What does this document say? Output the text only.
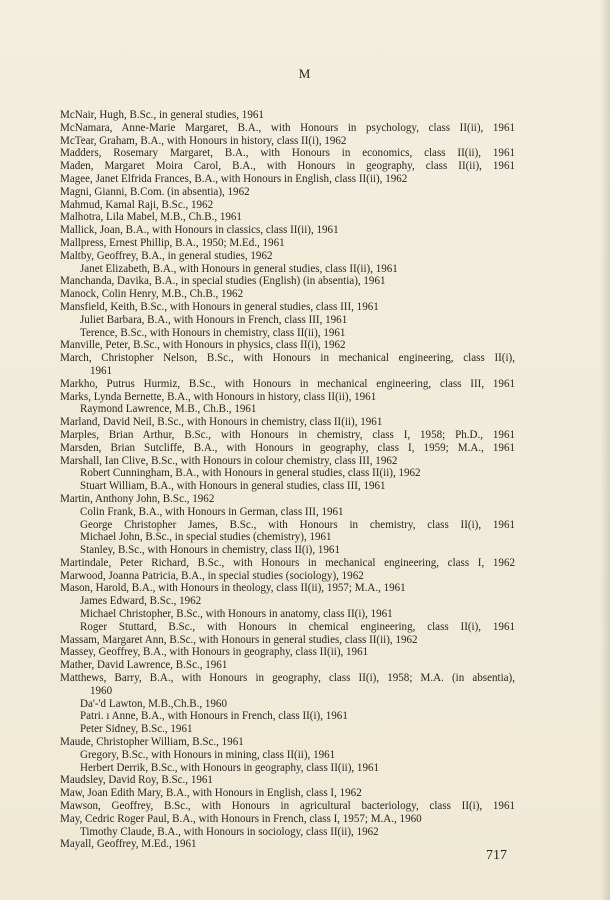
M
McNair, Hugh, B.Sc., in general studies, 1961
McNamara, Anne-Marie Margaret, B.A., with Honours in psychology, class II(ii), 1961
McTear, Graham, B.A., with Honours in history, class II(i), 1962
Madders, Rosemary Margaret, B.A., with Honours in economics, class II(ii), 1961
Maden, Margaret Moira Carol, B.A., with Honours in geography, class II(ii), 1961
Magee, Janet Elfrida Frances, B.A., with Honours in English, class II(ii), 1962
Magni, Gianni, B.Com. (in absentia), 1962
Mahmud, Kamal Raji, B.Sc., 1962
Malhotra, Lila Mabel, M.B., Ch.B., 1961
Mallick, Joan, B.A., with Honours in classics, class II(ii), 1961
Mallpress, Ernest Phillip, B.A., 1950; M.Ed., 1961
Maltby, Geoffrey, B.A., in general studies, 1962
Janet Elizabeth, B.A., with Honours in general studies, class II(ii), 1961
Manchanda, Davika, B.A., in special studies (English) (in absentia), 1961
Manock, Colin Henry, M.B., Ch.B., 1962
Mansfield, Keith, B.Sc., with Honours in general studies, class III, 1961
Juliet Barbara, B.A., with Honours in French, class III, 1961
Terence, B.Sc., with Honours in chemistry, class II(ii), 1961
Manville, Peter, B.Sc., with Honours in physics, class II(i), 1962
March, Christopher Nelson, B.Sc., with Honours in mechanical engineering, class II(i),
1961
Markho, Putrus Hurmiz, B.Sc., with Honours in mechanical engineering, class III, 1961
Marks, Lynda Bernette, B.A., with Honours in history, class II(ii), 1961
Raymond Lawrence, M.B., Ch.B., 1961
Marland, David Neil, B.Sc., with Honours in chemistry, class II(ii), 1961
Marples, Brian Arthur, B.Sc., with Honours in chemistry, class I, 1958; Ph.D., 1961
Marsden, Brian Sutcliffe, B.A., with Honours in geography, class I, 1959; M.A., 1961
Marshall, Ian Clive, B.Sc., with Honours in colour chemistry, class III, 1962
Robert Cunningham, B.A., with Honours in general studies, class II(ii), 1962
Stuart William, B.A., with Honours in general studies, class III, 1961
Martin, Anthony John, B.Sc., 1962
Colin Frank, B.A., with Honours in German, class III, 1961
George Christopher James, B.Sc., with Honours in chemistry, class II(i), 1961
Michael John, B.Sc., in special studies (chemistry), 1961
Stanley, B.Sc., with Honours in chemistry, class II(i), 1961
Martindale, Peter Richard, B.Sc., with Honours in mechanical engineering, class I, 1962
Marwood, Joanna Patricia, B.A., in special studies (sociology), 1962
Mason, Harold, B.A., with Honours in theology, class II(ii), 1957; M.A., 1961
James Edward, B.Sc., 1962
Michael Christopher, B.Sc., with Honours in anatomy, class II(i), 1961
Roger Stuttard, B.Sc., with Honours in chemical engineering, class II(i), 1961
Massam, Margaret Ann, B.Sc., with Honours in general studies, class II(ii), 1962
Massey, Geoffrey, B.A., with Honours in geography, class II(ii), 1961
Mather, David Lawrence, B.Sc., 1961
Matthews, Barry, B.A., with Honours in geography, class II(i), 1958; M.A. (in absentia),
1960
Da'-'d Lawton, M.B.,Ch.B., 1960
Patri. ı Anne, B.A., with Honours in French, class II(i), 1961
Peter Sidney, B.Sc., 1961
Maude, Christopher William, B.Sc., 1961
Gregory, B.Sc., with Honours in mining, class II(ii), 1961
Herbert Derrik, B.Sc., with Honours in geography, class II(ii), 1961
Maudsley, David Roy, B.Sc., 1961
Maw, Joan Edith Mary, B.A., with Honours in English, class I, 1962
Mawson, Geoffrey, B.Sc., with Honours in agricultural bacteriology, class II(i), 1961
May, Cedric Roger Paul, B.A., with Honours in French, class I, 1957; M.A., 1960
Timothy Claude, B.A., with Honours in sociology, class II(ii), 1962
Mayall, Geoffrey, M.Ed., 1961
717
